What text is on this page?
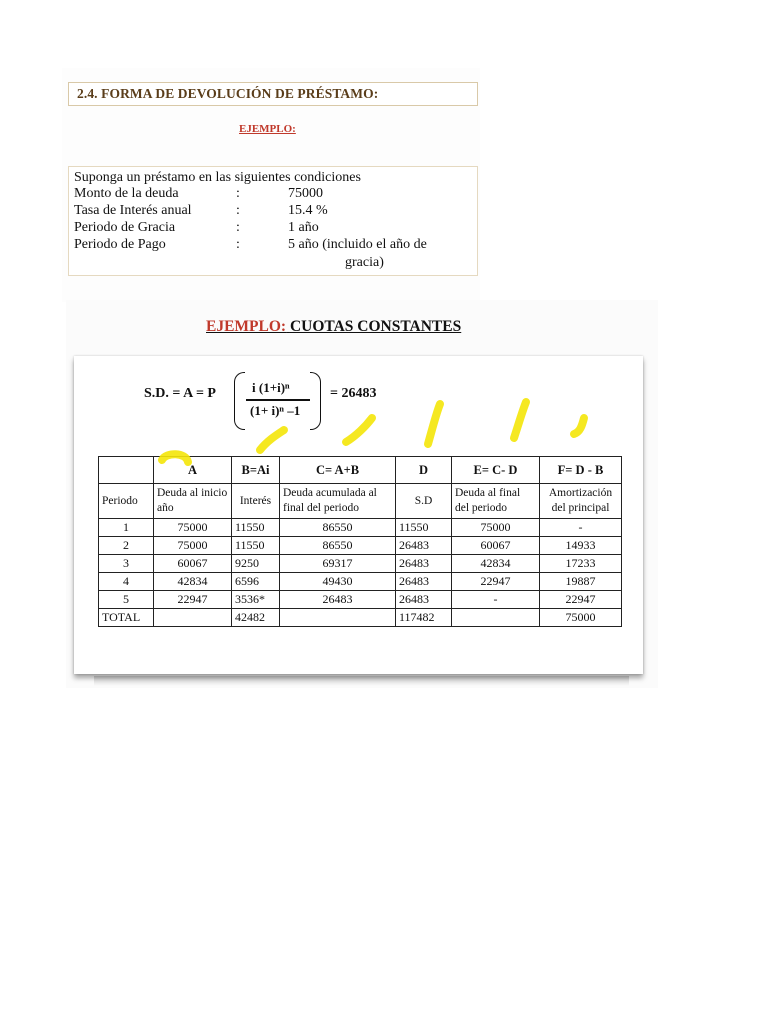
2.4. FORMA DE DEVOLUCIÓN DE PRÉSTAMO:
EJEMPLO:
Suponga un préstamo en las siguientes condiciones
Monto de la deuda	:	75000
Tasa de Interés anual	:	15.4 %
Periodo de Gracia	:	1 año
Periodo de Pago	:	5 año (incluido el año de
gracia)
EJEMPLO: CUOTAS CONSTANTES
S.D. = A = P	i (1+i)ⁿ
(1+ i)ⁿ –1
= 26483
	A	B=Ai	C= A+B	D	E= C- D	F= D - B
Periodo	Deuda al inicio año	Interés	Deuda acumulada al final del periodo	S.D	Deuda al final del periodo	Amortización del principal
1	75000	11550	86550	11550	75000	-
2	75000	11550	86550	26483	60067	14933
3	60067	9250	69317	26483	42834	17233
4	42834	6596	49430	26483	22947	19887
5	22947	3536*	26483	26483	-	22947
TOTAL		42482		117482		75000
